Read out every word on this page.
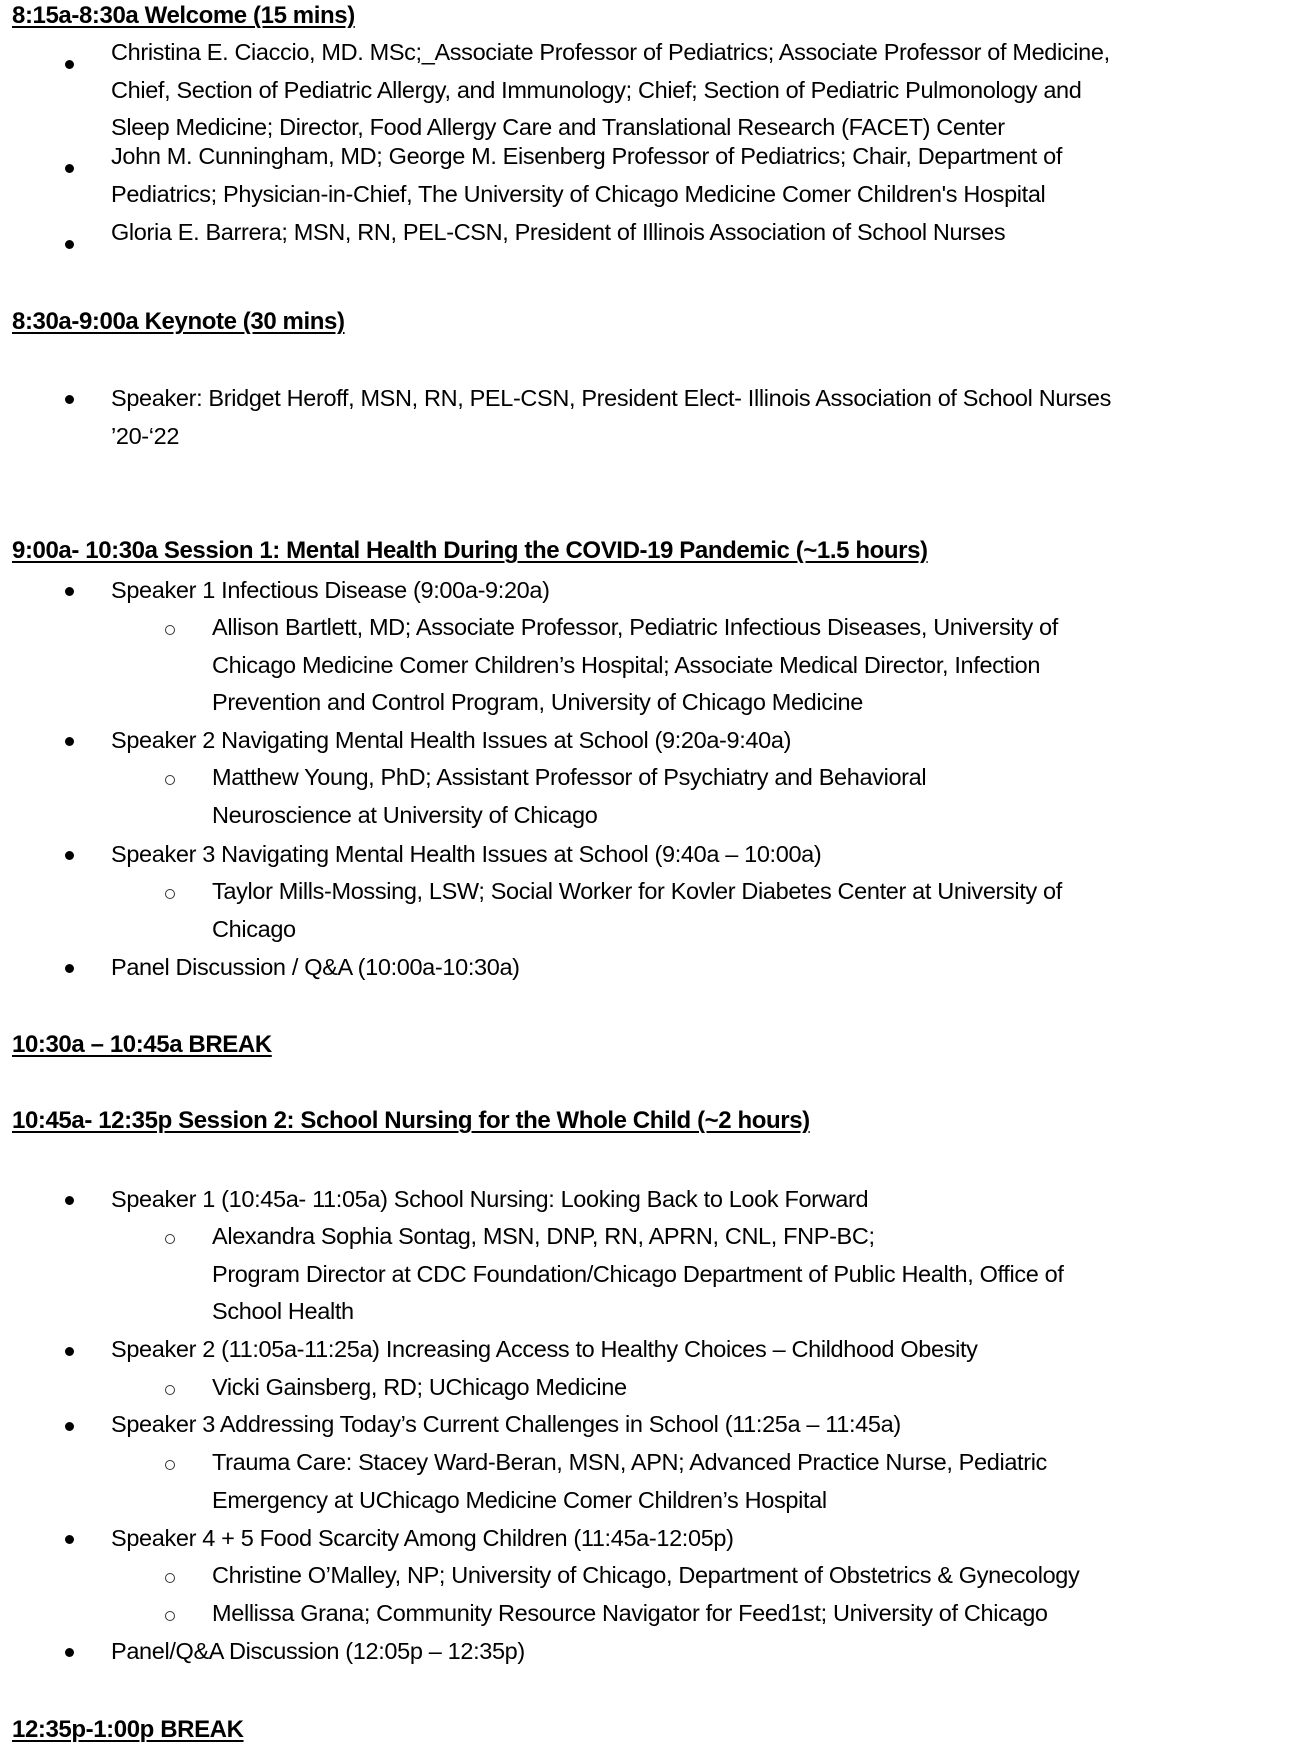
8:15a-8:30a Welcome (15 mins)
Christina E. Ciaccio, MD. MSc;_Associate Professor of Pediatrics; Associate Professor of Medicine,
Chief, Section of Pediatric Allergy, and Immunology; Chief; Section of Pediatric Pulmonology and
Sleep Medicine; Director, Food Allergy Care and Translational Research (FACET) Center
John M. Cunningham, MD; George M. Eisenberg Professor of Pediatrics; Chair, Department of
Pediatrics; Physician-in-Chief, The University of Chicago Medicine Comer Children's Hospital
Gloria E. Barrera; MSN, RN, PEL-CSN, President of Illinois Association of School Nurses
8:30a-9:00a Keynote (30 mins)
Speaker: Bridget Heroff, MSN, RN, PEL-CSN, President Elect- Illinois Association of School Nurses
’20-‘22
9:00a- 10:30a Session 1: Mental Health During the COVID-19 Pandemic (~1.5 hours)
Speaker 1 Infectious Disease (9:00a-9:20a)
Allison Bartlett, MD; Associate Professor, Pediatric Infectious Diseases, University of
Chicago Medicine Comer Children’s Hospital; Associate Medical Director, Infection
Prevention and Control Program, University of Chicago Medicine
Speaker 2 Navigating Mental Health Issues at School (9:20a-9:40a)
Matthew Young, PhD; Assistant Professor of Psychiatry and Behavioral
Neuroscience at University of Chicago
Speaker 3 Navigating Mental Health Issues at School (9:40a – 10:00a)
Taylor Mills-Mossing, LSW; Social Worker for Kovler Diabetes Center at University of
Chicago
Panel Discussion / Q&A (10:00a-10:30a)
10:30a – 10:45a BREAK
10:45a- 12:35p Session 2: School Nursing for the Whole Child (~2 hours)
Speaker 1 (10:45a- 11:05a) School Nursing: Looking Back to Look Forward
Alexandra Sophia Sontag, MSN, DNP, RN, APRN, CNL, FNP-BC;
Program Director at CDC Foundation/Chicago Department of Public Health, Office of
School Health
Speaker 2 (11:05a-11:25a) Increasing Access to Healthy Choices – Childhood Obesity
Vicki Gainsberg, RD; UChicago Medicine
Speaker 3 Addressing Today’s Current Challenges in School (11:25a – 11:45a)
Trauma Care: Stacey Ward-Beran, MSN, APN; Advanced Practice Nurse, Pediatric
Emergency at UChicago Medicine Comer Children’s Hospital
Speaker 4 + 5 Food Scarcity Among Children (11:45a-12:05p)
Christine O’Malley, NP; University of Chicago, Department of Obstetrics & Gynecology
Mellissa Grana; Community Resource Navigator for Feed1st; University of Chicago
Panel/Q&A Discussion (12:05p – 12:35p)
12:35p-1:00p BREAK
